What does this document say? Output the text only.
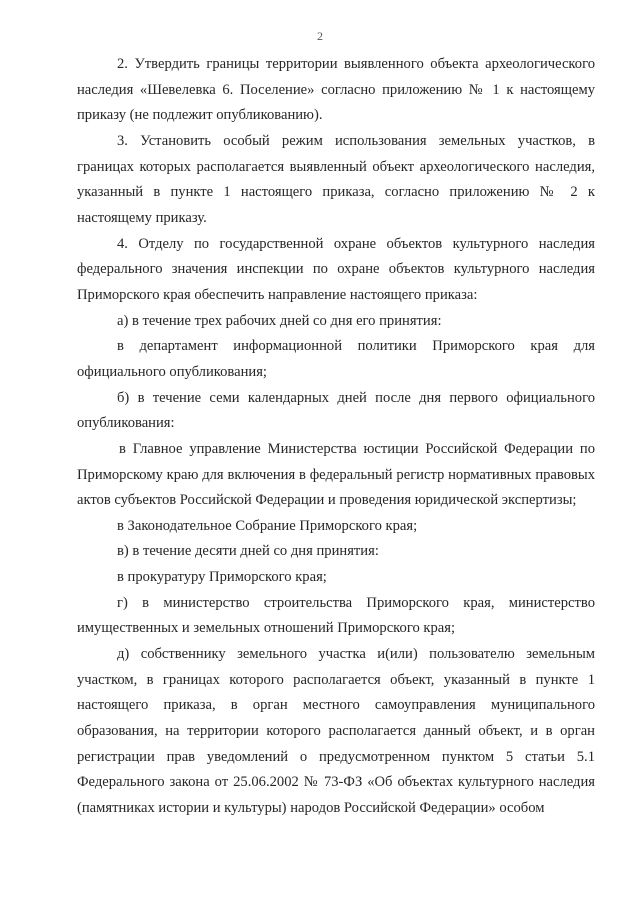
2

2. Утвердить границы территории выявленного объекта археологического наследия «Шевелевка 6. Поселение» согласно приложению № 1 к настоящему приказу (не подлежит опубликованию).

3. Установить особый режим использования земельных участков, в границах которых располагается выявленный объект археологического наследия, указанный в пункте 1 настоящего приказа, согласно приложению № 2 к настоящему приказу.

4. Отделу по государственной охране объектов культурного наследия федерального значения инспекции по охране объектов культурного наследия Приморского края обеспечить направление настоящего приказа:

а) в течение трех рабочих дней со дня его принятия:

в департамент информационной политики Приморского края для официального опубликования;

б) в течение семи календарных дней после дня первого официального опубликования:

в Главное управление Министерства юстиции Российской Федерации по Приморскому краю для включения в федеральный регистр нормативных правовых актов субъектов Российской Федерации и проведения юридической экспертизы;

в Законодательное Собрание Приморского края;

в) в течение десяти дней со дня принятия:

в прокуратуру Приморского края;

г) в министерство строительства Приморского края, министерство имущественных и земельных отношений Приморского края;

д) собственнику земельного участка и(или) пользователю земельным участком, в границах которого располагается объект, указанный в пункте 1 настоящего приказа, в орган местного самоуправления муниципального образования, на территории которого располагается данный объект, и в орган регистрации прав уведомлений о предусмотренном пунктом 5 статьи 5.1 Федерального закона от 25.06.2002 № 73-ФЗ «Об объектах культурного наследия (памятниках истории и культуры) народов Российской Федерации» особом
